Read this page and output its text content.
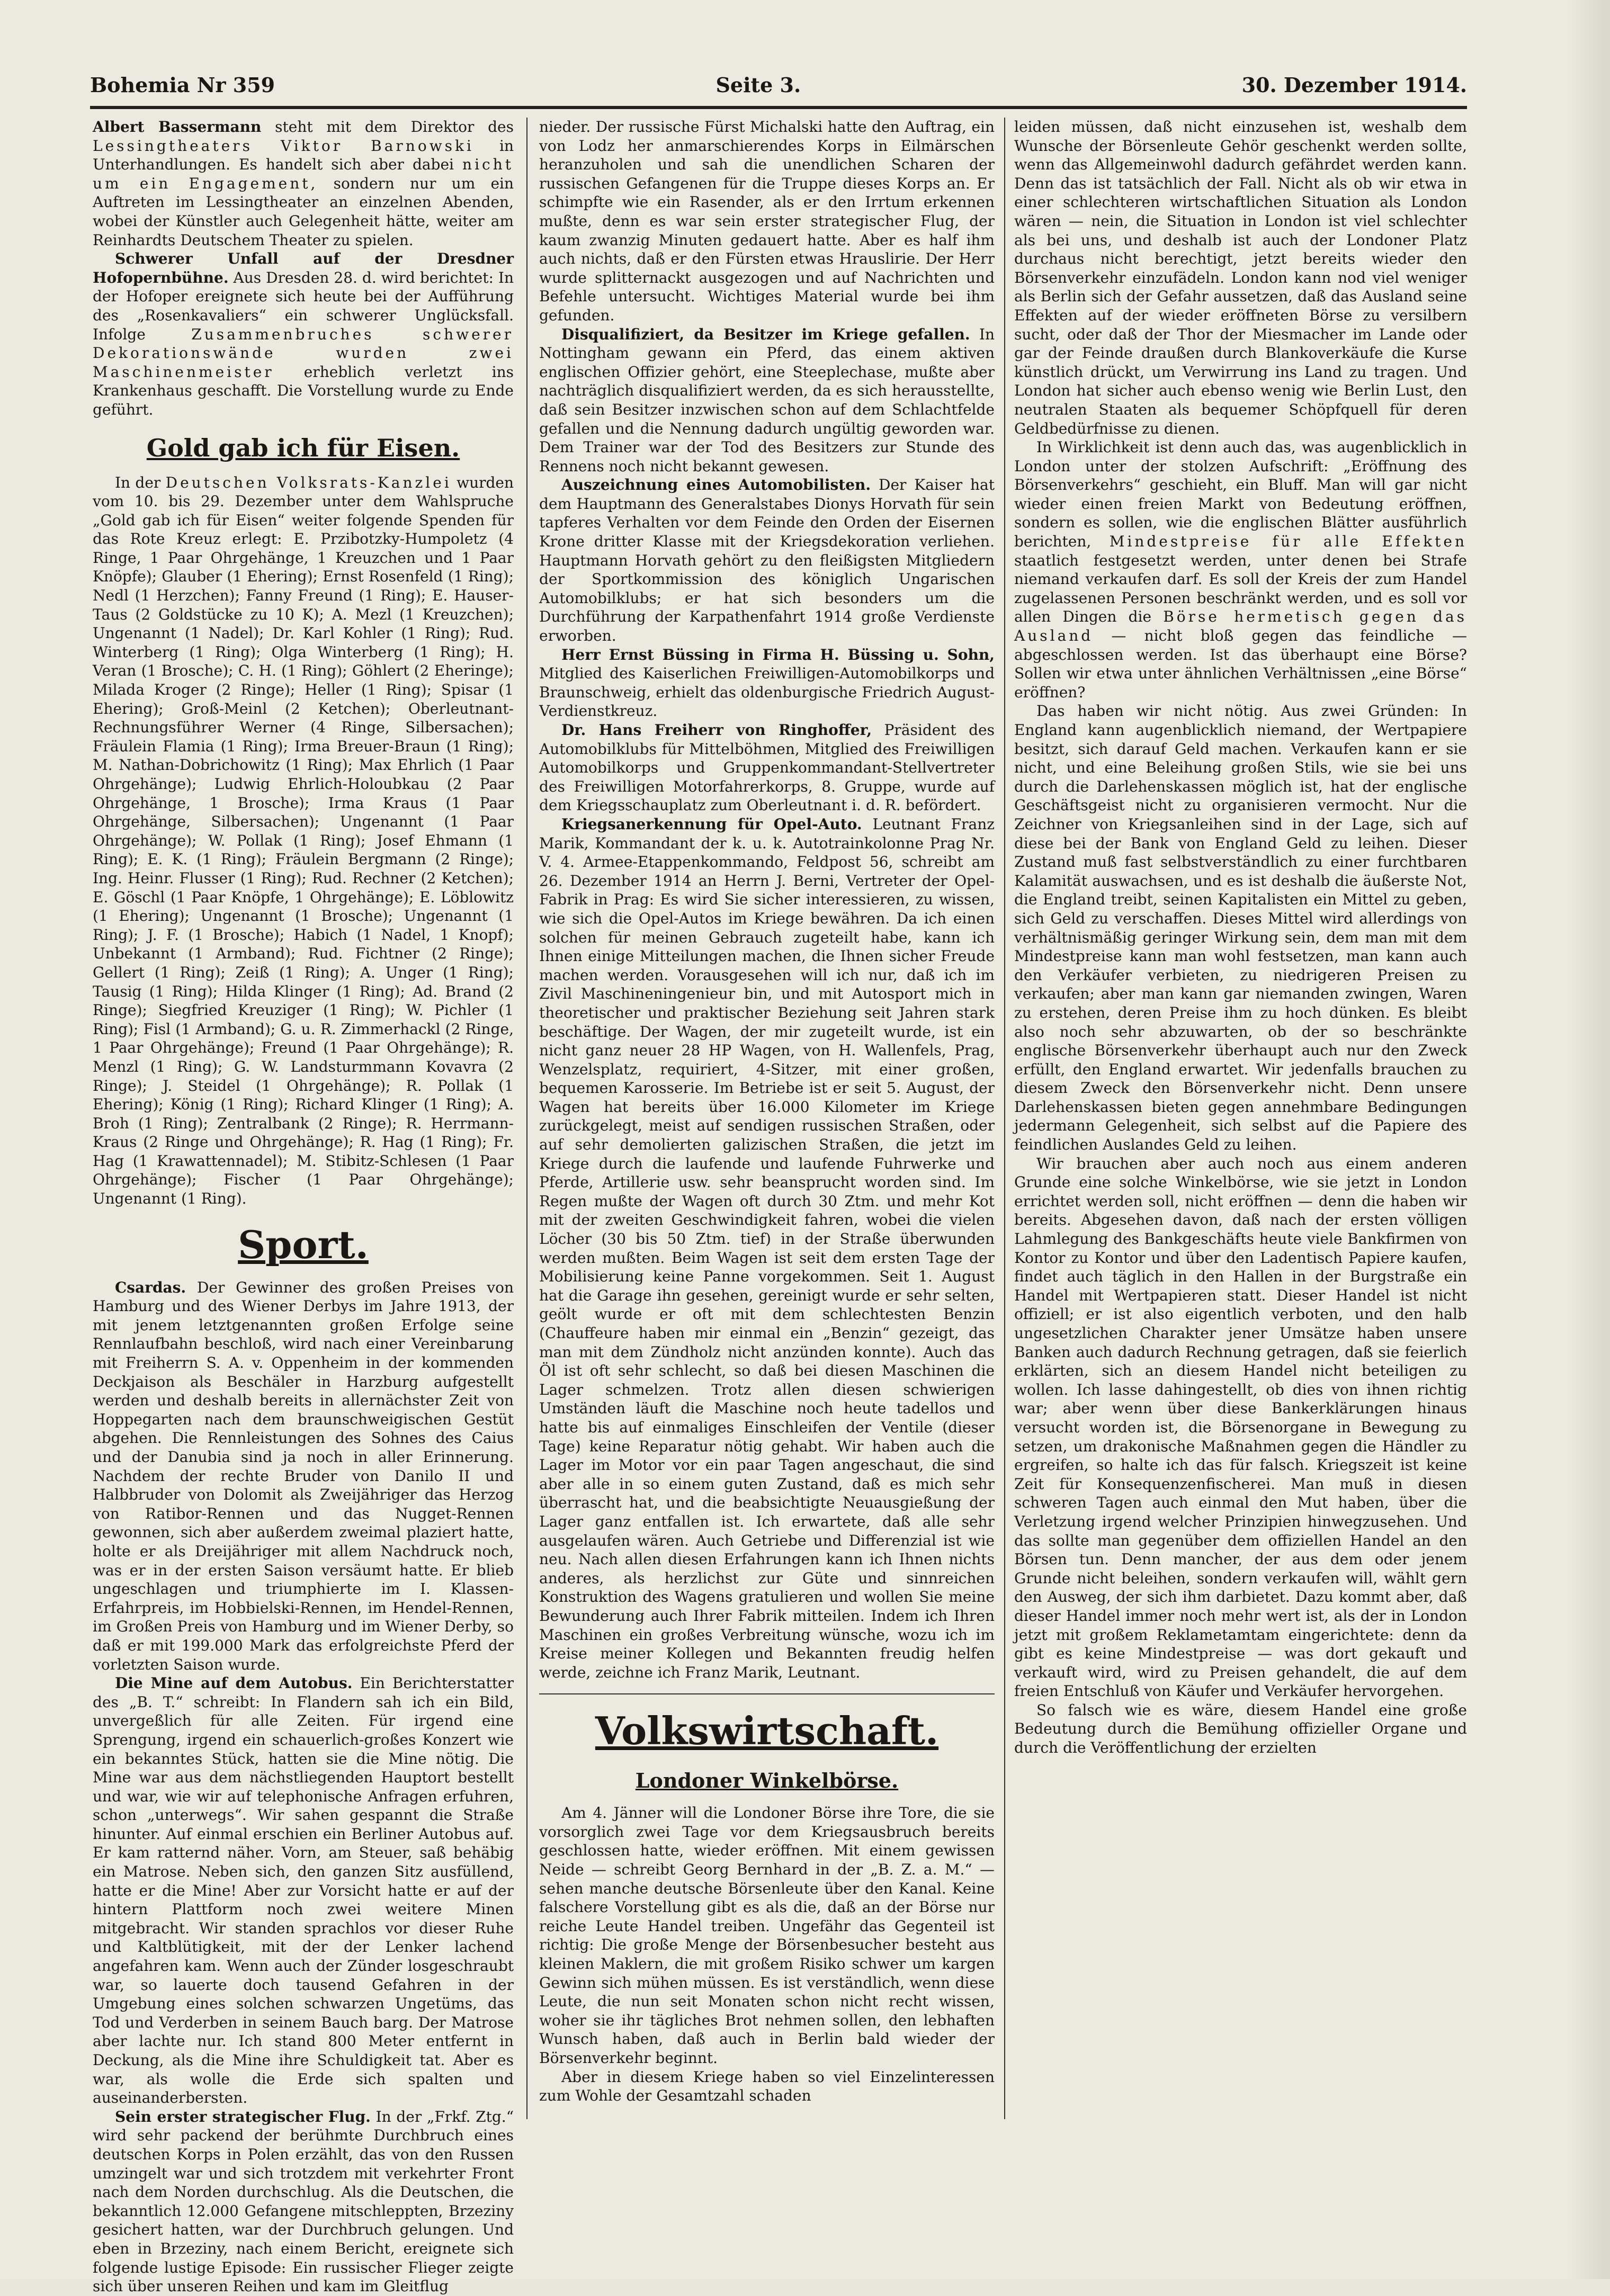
Bohemia Nr 359	Seite 3.	30. Dezember 1914.

Albert Bassermann steht mit dem Direktor des Lessingtheaters Viktor Barnowski in Unterhandlungen. Es handelt sich aber dabei nicht um ein Engagement, sondern nur um ein Auftreten im Lessingtheater an einzelnen Abenden, wobei der Künstler auch Gelegenheit hätte, weiter am Reinhardts Deutschem Theater zu spielen.

Schwerer Unfall auf der Dresdner Hofopernbühne. Aus Dresden 28. d. wird berichtet: In der Hofoper ereignete sich heute bei der Aufführung des „Rosenkavaliers“ ein schwerer Unglücksfall. Infolge	Zusammenbruches schwerer Dekorationswände wurden zwei Maschinenmeister erheblich verletzt ins Krankenhaus geschafft. Die Vorstellung wurde zu Ende geführt.

Gold gab ich für Eisen.

In der Deutschen Volksrats-Kanzlei wurden vom 10. bis 29. Dezember unter dem Wahlspruche „Gold gab ich für Eisen“ weiter folgende Spenden für das Rote Kreuz erlegt: E. Przibotzky-Humpoletz (4 Ringe, 1 Paar Ohrgehänge, 1 Kreuzchen und 1 Paar Knöpfe); Glauber (1 Ehering); Ernst Rosenfeld (1 Ring); Nedl (1 Herzchen); Fanny Freund (1 Ring); E. Hauser-Taus (2 Goldstücke zu 10 K); A. Mezl (1 Kreuzchen); Ungenannt (1 Nadel); Dr. Karl Kohler (1 Ring); Rud. Winterberg (1 Ring); Olga Winterberg (1 Ring); H. Veran (1 Brosche); C. H. (1 Ring); Göhlert (2 Eheringe); Milada Kroger (2 Ringe); Heller (1 Ring); Spisar (1 Ehering); Groß-Meinl (2 Ketchen); Oberleutnant-Rechnungsführer Werner (4 Ringe, Silbersachen); Fräulein Flamia (1 Ring); Irma Breuer-Braun (1 Ring); M. Nathan-Dobrichowitz (1 Ring); Max Ehrlich (1 Paar Ohrgehänge); Ludwig Ehrlich-Holoubkau (2 Paar Ohrgehänge, 1 Brosche); Irma Kraus (1 Paar Ohrgehänge, Silbersachen); Ungenannt (1 Paar Ohrgehänge); W. Pollak (1 Ring); Josef Ehmann (1 Ring); E. K. (1 Ring); Fräulein Bergmann (2 Ringe); Ing. Heinr. Flusser (1 Ring); Rud. Rechner (2 Ketchen); E. Göschl (1 Paar Knöpfe, 1 Ohrgehänge); E. Löblowitz (1 Ehering); Ungenannt (1 Brosche); Ungenannt (1 Ring); J. F. (1 Brosche); Habich (1 Nadel, 1 Knopf); Unbekannt (1 Armband); Rud. Fichtner (2 Ringe); Gellert (1 Ring); Zeiß (1 Ring); A. Unger (1 Ring); Tausig (1 Ring); Hilda Klinger (1 Ring); Ad. Brand (2 Ringe); Siegfried Kreuziger (1 Ring); W. Pichler (1 Ring); Fisl (1 Armband); G. u. R. Zimmerhackl (2 Ringe, 1 Paar Ohrgehänge); Freund (1 Paar Ohrgehänge); R. Menzl (1 Ring); G. W. Landsturmmann Kovavra (2 Ringe); J. Steidel (1 Ohrgehänge); R. Pollak (1 Ehering); König (1 Ring); Richard Klinger (1 Ring); A. Broh (1 Ring); Zentralbank (2 Ringe); R. Herrmann-Kraus (2 Ringe und Ohrgehänge); R. Hag (1 Ring); Fr. Hag (1 Krawattennadel); M. Stibitz-Schlesen (1 Paar Ohrgehänge); Fischer (1 Paar Ohrgehänge); Ungenannt (1 Ring).

Sport.

Csardas. Der Gewinner des großen Preises von Hamburg und des Wiener Derbys im Jahre 1913, der mit jenem letztgenannten großen Erfolge seine Rennlaufbahn beschloß, wird nach einer Vereinbarung mit Freiherrn S. A. v. Oppenheim in der kommenden Deckjaison als Beschäler in Harzburg aufgestellt werden und deshalb bereits in allernächster Zeit von Hoppegarten nach dem braunschweigischen Gestüt abgehen. Die Rennleistungen des Sohnes des Caius und der Danubia sind ja noch in aller Erinnerung. Nachdem der rechte Bruder von Danilo II und Halbbruder von Dolomit als Zweijähriger das Herzog von Ratibor-Rennen und das Nugget-Rennen gewonnen, sich aber außerdem zweimal plaziert hatte, holte er als Dreijähriger mit allem Nachdruck noch, was er in der ersten Saison versäumt hatte. Er blieb ungeschlagen und triumphierte im I. Klassen-Erfahrpreis, im Hobbielski-Rennen, im Hendel-Rennen, im Großen Preis von Hamburg und im Wiener Derby, so daß er mit 199.000 Mark das erfolgreichste Pferd der vorletzten Saison wurde.

Die Mine auf dem Autobus. Ein Berichterstatter des „B. T.“ schreibt: In Flandern sah ich ein Bild, unvergeßlich für alle Zeiten. Für irgend eine Sprengung, irgend ein schauerlich-großes Konzert wie ein bekanntes Stück, hatten sie die Mine nötig. Die Mine war aus dem nächstliegenden Hauptort bestellt und war, wie wir auf telephonische Anfragen erfuhren, schon „unterwegs“. Wir sahen gespannt die Straße hinunter. Auf einmal erschien ein Berliner Autobus auf. Er kam ratternd näher. Vorn, am Steuer, saß behäbig ein Matrose. Neben sich, den ganzen Sitz ausfüllend, hatte er die Mine! Aber zur Vorsicht hatte er auf der hintern Plattform noch zwei weitere Minen mitgebracht. Wir standen sprachlos vor dieser Ruhe und Kaltblütigkeit, mit der der Lenker lachend angefahren kam. Wenn auch der Zünder losgeschraubt war, so lauerte doch tausend Gefahren in der Umgebung eines solchen schwarzen Ungetüms, das Tod und Verderben in seinem Bauch barg. Der Matrose aber lachte nur. Ich stand 800 Meter entfernt in Deckung, als die Mine ihre Schuldigkeit tat. Aber es war, als wolle die Erde sich spalten und auseinanderbersten.

Sein erster strategischer Flug. In der „Frkf. Ztg.“ wird sehr packend der berühmte Durchbruch eines deutschen Korps in Polen erzählt, das von den Russen umzingelt war und sich trotzdem mit verkehrter Front nach dem Norden durchschlug. Als die Deutschen, die bekanntlich 12.000 Gefangene mitschleppten, Brzeziny gesichert hatten, war der Durchbruch gelungen. Und eben in Brzeziny, nach einem Bericht, ereignete sich folgende lustige Episode: Ein russischer Flieger zeigte sich über unseren Reihen und kam im Gleitflug

nieder. Der russische Fürst Michalski hatte den Auftrag, ein von Lodz her anmarschierendes Korps in Eilmärschen heranzuholen und sah die unendlichen Scharen der russischen Gefangenen für die Truppe dieses Korps an. Er schimpfte wie ein Rasender, als er den Irrtum erkennen mußte, denn es war sein erster strategischer Flug, der kaum zwanzig Minuten gedauert hatte. Aber es half ihm auch nichts, daß er den Fürsten etwas Hrauslirie. Der Herr wurde splitternackt ausgezogen und auf Nachrichten und Befehle untersucht. Wichtiges Material wurde bei ihm gefunden.

Disqualifiziert, da Besitzer im Kriege gefallen. In Nottingham gewann ein Pferd, das einem aktiven englischen Offizier gehört, eine Steeplechase, mußte aber nachträglich disqualifiziert werden, da es sich herausstellte, daß sein Besitzer inzwischen schon auf dem Schlachtfelde gefallen und die Nennung dadurch ungültig geworden war. Dem Trainer war der Tod des Besitzers zur Stunde des Rennens noch nicht bekannt gewesen.

Auszeichnung eines Automobilisten. Der Kaiser hat dem Hauptmann des Generalstabes Dionys Horvath für sein tapferes Verhalten vor dem Feinde den Orden der Eisernen Krone dritter Klasse mit der Kriegsdekoration verliehen. Hauptmann Horvath gehört zu den fleißigsten Mitgliedern der Sportkommission des königlich Ungarischen Automobilklubs; er hat sich besonders um die Durchführung der Karpathenfahrt 1914 große Verdienste erworben.

Herr Ernst Büssing in Firma H. Büssing u. Sohn, Mitglied des Kaiserlichen Freiwilligen-Automobilkorps und Braunschweig, erhielt das oldenburgische Friedrich August-Verdienstkreuz.

Dr. Hans Freiherr von Ringhoffer, Präsident des Automobilklubs für Mittelböhmen, Mitglied des Freiwilligen Automobilkorps und Gruppenkommandant-Stellvertreter des Freiwilligen Motorfahrerkorps, 8. Gruppe, wurde auf dem Kriegsschauplatz zum Oberleutnant i. d. R. befördert.

Kriegsanerkennung für Opel-Auto. Leutnant Franz Marik, Kommandant der k. u. k. Autotrainkolonne Prag Nr. V. 4. Armee-Etappenkommando, Feldpost 56, schreibt am 26. Dezember 1914 an Herrn J. Berni, Vertreter der Opel-Fabrik in Prag: Es wird Sie sicher interessieren, zu wissen, wie sich die Opel-Autos im Kriege bewähren. Da ich einen solchen für meinen Gebrauch zugeteilt habe, kann ich Ihnen einige Mitteilungen machen, die Ihnen sicher Freude machen werden. Vorausgesehen will ich nur, daß ich im Zivil Maschineningenieur bin, und mit Autosport mich in theoretischer und praktischer Beziehung seit Jahren stark beschäftige. Der Wagen, der mir zugeteilt wurde, ist ein nicht ganz neuer 28 HP Wagen, von H. Wallenfels, Prag, Wenzelsplatz, requiriert, 4-Sitzer, mit einer großen, bequemen Karosserie. Im Betriebe ist er seit 5. August, der Wagen hat bereits über 16.000 Kilometer im Kriege zurückgelegt, meist auf sendigen russischen Straßen, oder auf sehr demolierten galizischen Straßen, die jetzt im Kriege durch die laufende und laufende Fuhrwerke und Pferde, Artillerie usw. sehr beansprucht worden sind. Im Regen mußte der Wagen oft durch 30 Ztm. und mehr Kot mit der zweiten Geschwindigkeit fahren, wobei die vielen Löcher (30 bis 50 Ztm. tief) in der Straße überwunden werden mußten. Beim Wagen ist seit dem ersten Tage der Mobilisierung keine Panne vorgekommen. Seit 1. August hat die Garage ihn gesehen, gereinigt wurde er sehr selten, geölt wurde er oft mit dem schlechtesten Benzin (Chauffeure haben mir einmal ein „Benzin“ gezeigt, das man mit dem Zündholz nicht anzünden konnte). Auch das Öl ist oft sehr schlecht, so daß bei diesen Maschinen die Lager schmelzen. Trotz allen diesen schwierigen Umständen läuft die Maschine noch heute tadellos und hatte bis auf einmaliges Einschleifen der Ventile (dieser Tage) keine Reparatur nötig gehabt. Wir haben auch die Lager im Motor vor ein paar Tagen angeschaut, die sind aber alle in so einem guten Zustand, daß es mich sehr überrascht hat, und die beabsichtigte Neuausgießung der Lager ganz entfallen ist. Ich erwartete, daß alle sehr ausgelaufen wären. Auch Getriebe und Differenzial ist wie neu. Nach allen diesen Erfahrungen kann ich Ihnen nichts anderes, als herzlichst zur Güte und sinnreichen Konstruktion des Wagens gratulieren und wollen Sie meine Bewunderung auch Ihrer Fabrik mitteilen. Indem ich Ihren Maschinen ein großes Verbreitung wünsche, wozu ich im Kreise meiner Kollegen und Bekannten freudig helfen werde, zeichne ich Franz Marik, Leutnant.

Volkswirtschaft.
Londoner Winkelbörse.

Am 4. Jänner will die Londoner Börse ihre Tore, die sie vorsorglich zwei Tage vor dem Kriegsausbruch bereits geschlossen hatte, wieder eröffnen. Mit einem gewissen Neide — schreibt Georg Bernhard in der „B. Z. a. M.“ — sehen manche deutsche Börsenleute über den Kanal. Keine falschere Vorstellung gibt es als die, daß an der Börse nur reiche Leute Handel treiben. Ungefähr das Gegenteil ist richtig: Die große Menge der Börsenbesucher besteht aus kleinen Maklern, die mit großem Risiko schwer um kargen Gewinn sich mühen müssen. Es ist verständlich, wenn diese Leute, die nun seit Monaten schon nicht recht wissen, woher sie ihr tägliches Brot nehmen sollen, den lebhaften Wunsch haben, daß auch in Berlin bald wieder der Börsenverkehr beginnt.

Aber in diesem Kriege haben so viel Einzelinteressen zum Wohle der Gesamtzahl schaden

leiden müssen, daß nicht einzusehen ist, weshalb dem Wunsche der Börsenleute Gehör geschenkt werden sollte, wenn das Allgemeinwohl dadurch gefährdet werden kann. Denn das ist tatsächlich der Fall. Nicht als ob wir etwa in einer schlechteren wirtschaftlichen Situation als London wären — nein, die Situation in London ist viel schlechter als bei uns, und deshalb ist auch der Londoner Platz durchaus nicht berechtigt, jetzt bereits wieder den Börsenverkehr einzufädeln. London kann nod viel weniger als Berlin sich der Gefahr aussetzen, daß das Ausland seine Effekten auf der wieder eröffneten Börse zu versilbern sucht, oder daß der Thor der Miesmacher im Lande oder gar der Feinde draußen durch Blankoverkäufe die Kurse künstlich drückt, um Verwirrung ins Land zu tragen. Und London hat sicher auch ebenso wenig wie Berlin Lust, den neutralen Staaten als bequemer Schöpfquell für deren Geldbedürfnisse zu dienen.

In Wirklichkeit ist denn auch das, was augenblicklich in London unter der stolzen Aufschrift: „Eröffnung des Börsenverkehrs“ geschieht, ein Bluff. Man will gar nicht wieder einen freien Markt von Bedeutung eröffnen, sondern es sollen, wie die englischen Blätter ausführlich berichten, Mindestpreise für alle Effekten staatlich festgesetzt werden, unter denen bei Strafe niemand verkaufen darf. Es soll der Kreis der zum Handel zugelassenen Personen beschränkt werden, und es soll vor allen Dingen die Börse hermetisch gegen das Ausland — nicht bloß gegen das feindliche — abgeschlossen werden. Ist das überhaupt eine Börse? Sollen wir etwa unter ähnlichen Verhältnissen „eine Börse“ eröffnen?

Das haben wir nicht nötig. Aus zwei Gründen: In England kann augenblicklich niemand, der Wertpapiere besitzt, sich darauf Geld machen. Verkaufen kann er sie nicht, und eine Beleihung großen Stils, wie sie bei uns durch die Darlehenskassen möglich ist, hat der englische Geschäftsgeist nicht zu organisieren vermocht. Nur die Zeichner von Kriegsanleihen sind in der Lage, sich auf diese bei der Bank von England Geld zu leihen. Dieser Zustand muß fast selbstverständlich zu einer furchtbaren Kalamität auswachsen, und es ist deshalb die äußerste Not, die England treibt, seinen Kapitalisten ein Mittel zu geben, sich Geld zu verschaffen. Dieses Mittel wird allerdings von verhältnismäßig geringer Wirkung sein, dem man mit dem Mindestpreise kann man wohl festsetzen, man kann auch den Verkäufer verbieten, zu niedrigeren Preisen zu verkaufen; aber man kann gar niemanden zwingen, Waren zu erstehen, deren Preise ihm zu hoch dünken. Es bleibt also noch sehr abzuwarten, ob der so beschränkte englische Börsenverkehr überhaupt auch nur den Zweck erfüllt, den England erwartet. Wir jedenfalls brauchen zu diesem Zweck den Börsenverkehr nicht. Denn unsere Darlehenskassen bieten gegen annehmbare Bedingungen jedermann Gelegenheit, sich selbst auf die Papiere des feindlichen Auslandes Geld zu leihen.

Wir brauchen aber auch noch aus einem anderen Grunde eine solche Winkelbörse, wie sie jetzt in London errichtet werden soll, nicht eröffnen — denn die haben wir bereits. Abgesehen davon, daß nach der ersten völligen Lahmlegung des Bankgeschäfts heute viele Bankfirmen von Kontor zu Kontor und über den Ladentisch Papiere kaufen, findet auch täglich in den Hallen in der Burgstraße ein Handel mit Wertpapieren statt. Dieser Handel ist nicht offiziell; er ist also eigentlich verboten, und den halb ungesetzlichen Charakter jener Umsätze haben unsere Banken auch dadurch Rechnung getragen, daß sie feierlich erklärten, sich an diesem Handel nicht beteiligen zu wollen. Ich lasse dahingestellt, ob dies von ihnen richtig war; aber wenn über diese Bankerklärungen hinaus versucht worden ist, die Börsenorgane in Bewegung zu setzen, um drakonische Maßnahmen gegen die Händler zu ergreifen, so halte ich das für falsch. Kriegszeit ist keine Zeit für Konsequenzenfischerei. Man muß in diesen schweren Tagen auch einmal den Mut haben, über die Verletzung irgend welcher Prinzipien hinwegzusehen. Und das sollte man gegenüber dem offiziellen Handel an den Börsen tun. Denn mancher, der aus dem oder jenem Grunde nicht beleihen, sondern verkaufen will, wählt gern den Ausweg, der sich ihm darbietet. Dazu kommt aber, daß dieser Handel immer noch mehr wert ist, als der in London jetzt mit großem Reklametamtam eingerichtete: denn da gibt es keine Mindestpreise — was dort gekauft und verkauft wird, wird zu Preisen gehandelt, die auf dem freien Entschluß von Käufer und Verkäufer hervorgehen.

So falsch wie es wäre, diesem Handel eine große Bedeutung durch die Bemühung offizieller Organe und durch die Veröffentlichung der erzielten
